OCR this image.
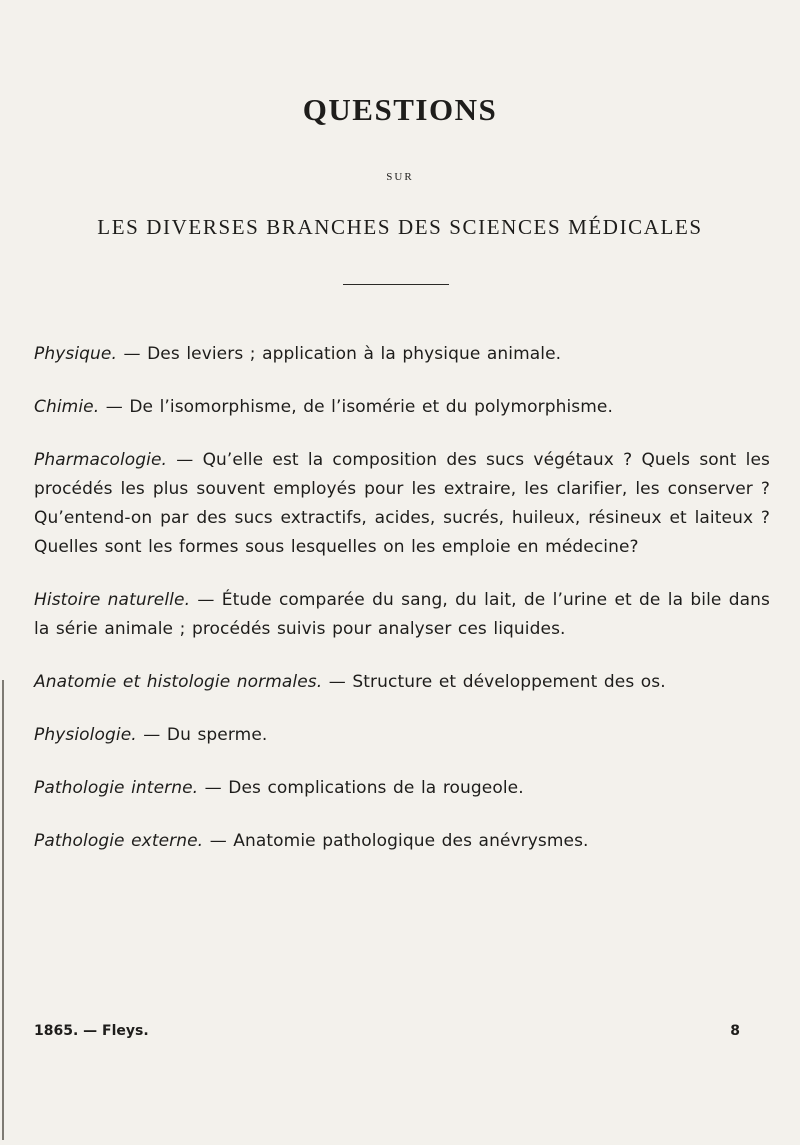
QUESTIONS
SUR
LES DIVERSES BRANCHES DES SCIENCES MÉDICALES

Physique. — Des leviers ; application à la physique animale.

Chimie. — De l’isomorphisme, de l’isomérie et du polymorphisme.

Pharmacologie. — Qu’elle est la composition des sucs végétaux ? Quels sont les procédés les plus souvent employés pour les extraire, les clarifier, les conserver ? Qu’entend-on par des sucs extractifs, acides, sucrés, huileux, résineux et laiteux ? Quelles sont les formes sous lesquelles on les emploie en médecine?

Histoire naturelle. — Étude comparée du sang, du lait, de l’urine et de la bile dans la série animale ; procédés suivis pour analyser ces liquides.

Anatomie et histologie normales. — Structure et développement des os.

Physiologie. — Du sperme.

Pathologie interne. — Des complications de la rougeole.

Pathologie externe. — Anatomie pathologique des anévrysmes.

1865. — Fleys.	8
